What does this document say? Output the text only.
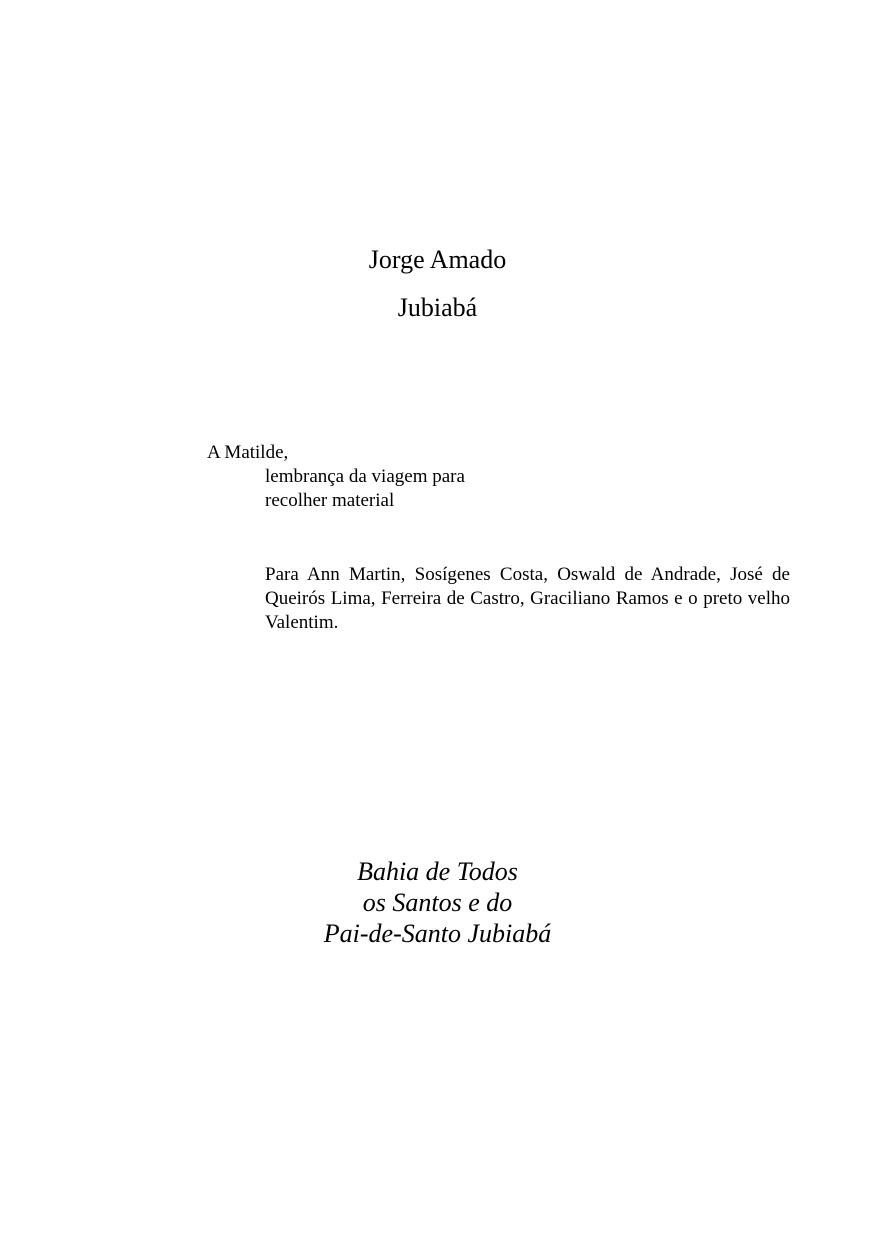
Jorge Amado
Jubiabá
A Matilde,
lembrança da viagem para
recolher material
Para Ann Martin, Sosígenes Costa, Oswald de Andrade, José de Queirós Lima, Ferreira de Castro, Graciliano Ramos e o preto velho Valentim.
Bahia de Todos
os Santos e do
Pai-de-Santo Jubiabá
